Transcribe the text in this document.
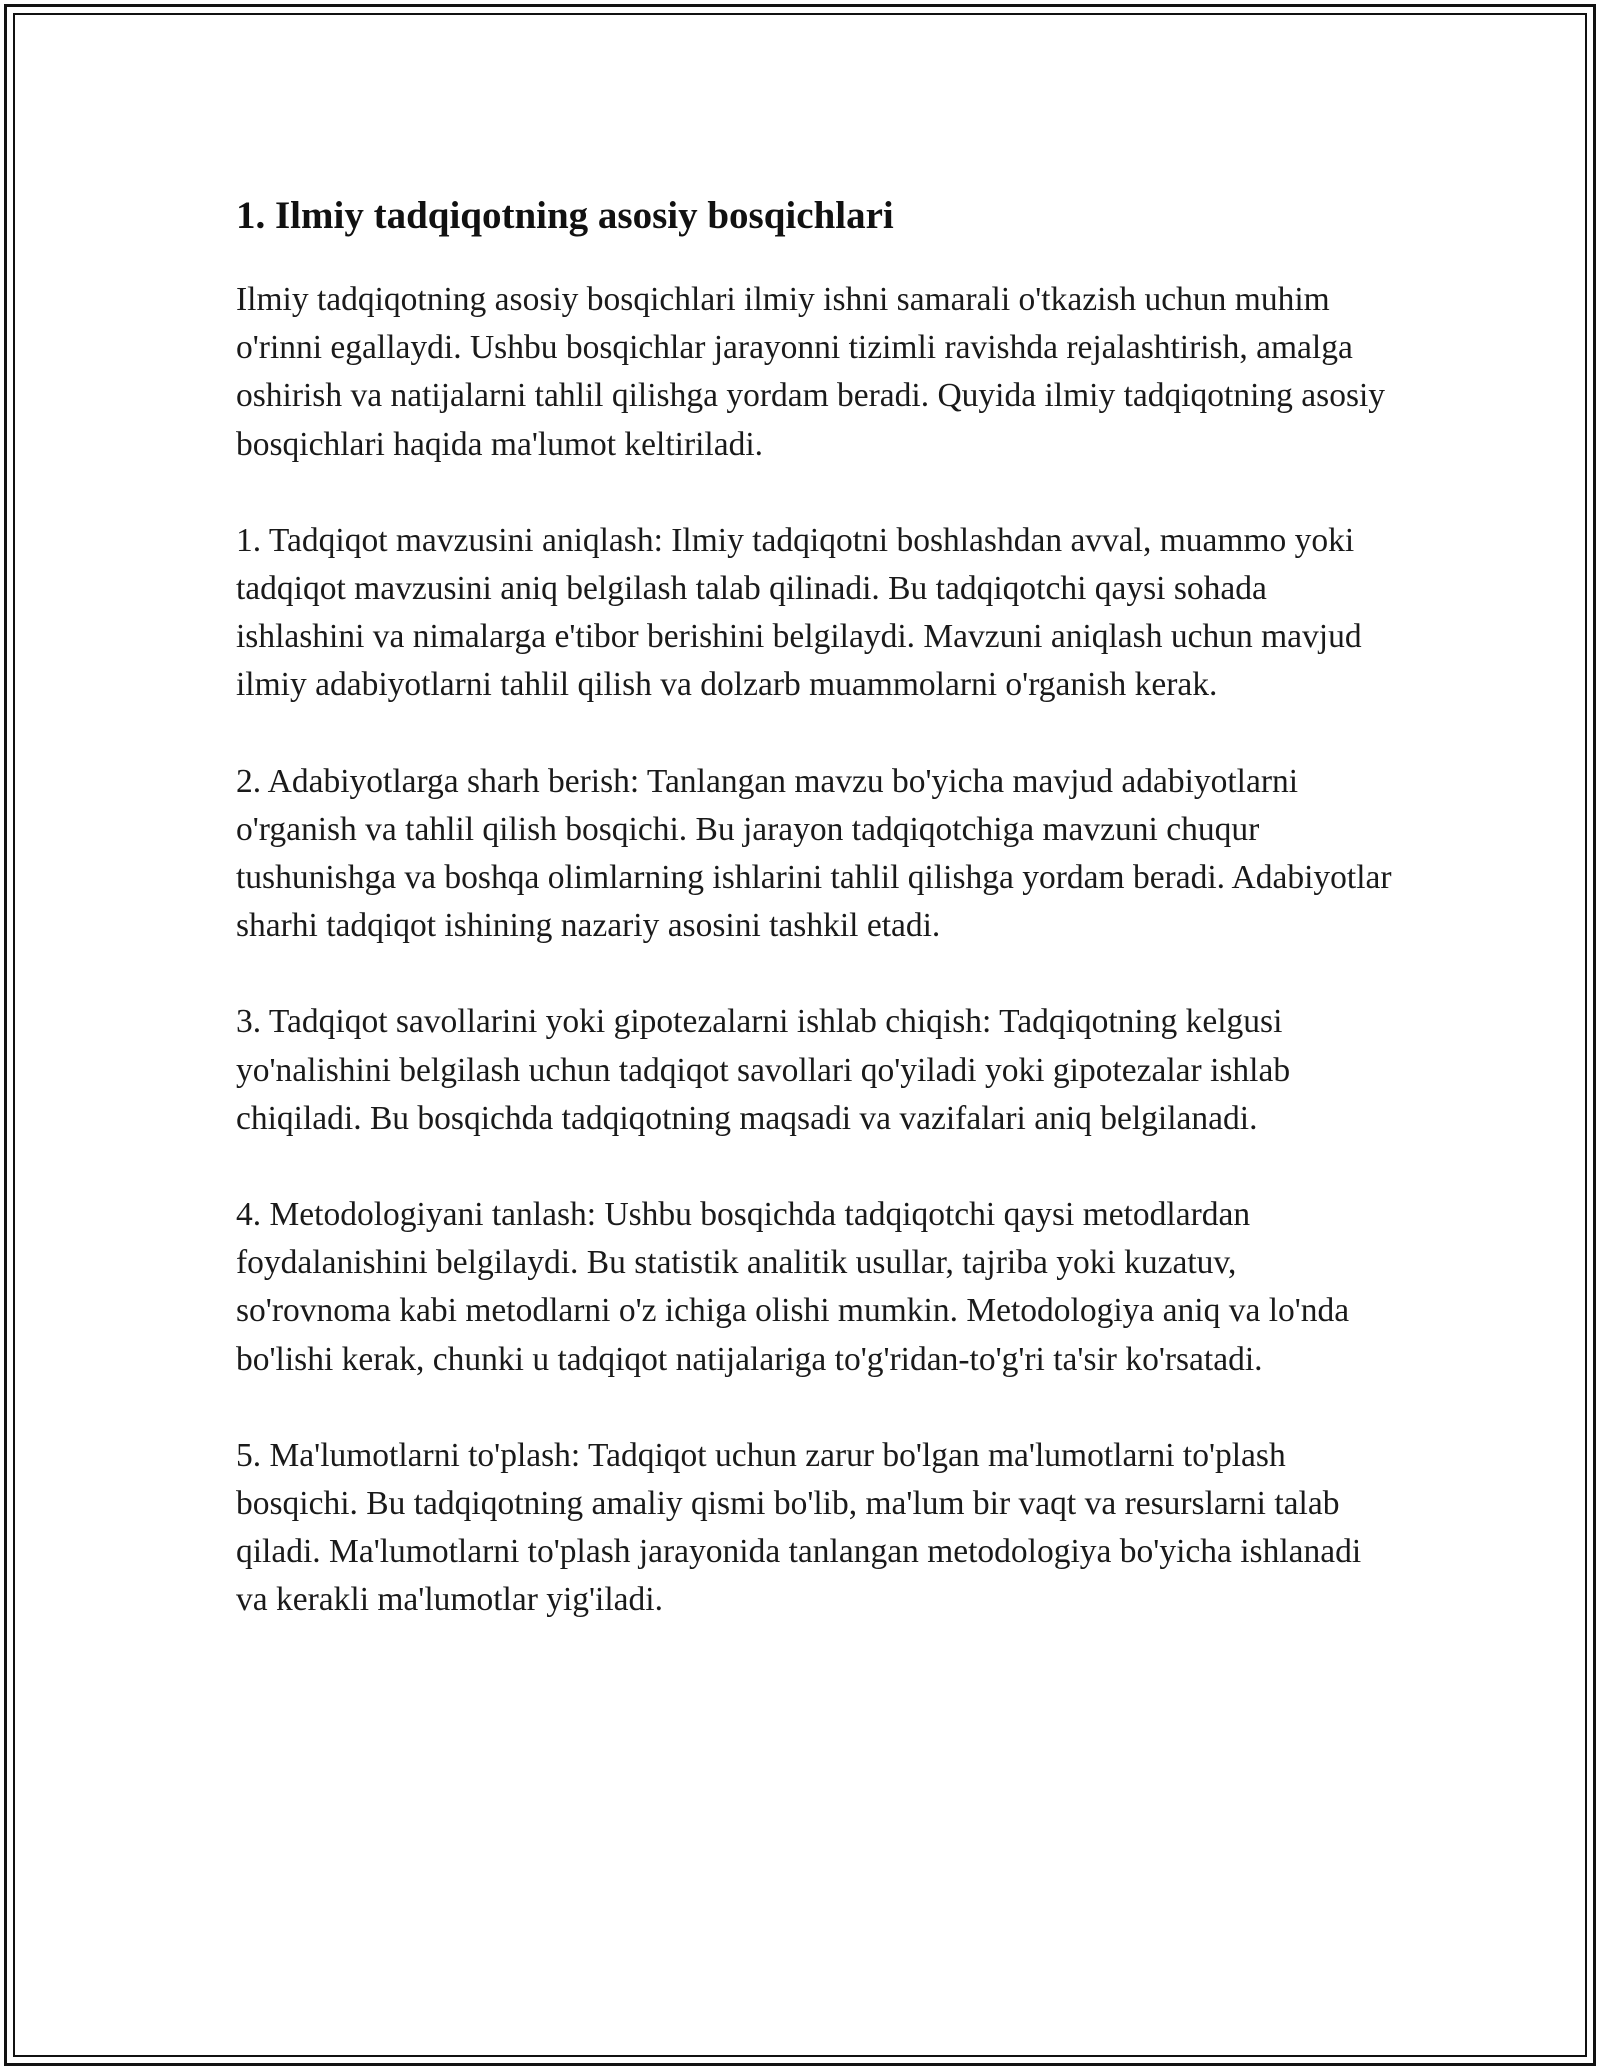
1. Ilmiy tadqiqotning asosiy bosqichlari

Ilmiy tadqiqotning asosiy bosqichlari ilmiy ishni samarali o'tkazish uchun muhim o'rinni egallaydi. Ushbu bosqichlar jarayonni tizimli ravishda rejalashtirish, amalga oshirish va natijalarni tahlil qilishga yordam beradi. Quyida ilmiy tadqiqotning asosiy bosqichlari haqida ma'lumot keltiriladi.

1. Tadqiqot mavzusini aniqlash: Ilmiy tadqiqotni boshlashdan avval, muammo yoki tadqiqot mavzusini aniq belgilash talab qilinadi. Bu tadqiqotchi qaysi sohada ishlashini va nimalarga e'tibor berishini belgilaydi. Mavzuni aniqlash uchun mavjud ilmiy adabiyotlarni tahlil qilish va dolzarb muammolarni o'rganish kerak.

2. Adabiyotlarga sharh berish: Tanlangan mavzu bo'yicha mavjud adabiyotlarni o'rganish va tahlil qilish bosqichi. Bu jarayon tadqiqotchiga mavzuni chuqur tushunishga va boshqa olimlarning ishlarini tahlil qilishga yordam beradi. Adabiyotlar sharhi tadqiqot ishining nazariy asosini tashkil etadi.

3. Tadqiqot savollarini yoki gipotezalarni ishlab chiqish: Tadqiqotning kelgusi yo'nalishini belgilash uchun tadqiqot savollari qo'yiladi yoki gipotezalar ishlab chiqiladi. Bu bosqichda tadqiqotning maqsadi va vazifalari aniq belgilanadi.

4. Metodologiyani tanlash: Ushbu bosqichda tadqiqotchi qaysi metodlardan foydalanishini belgilaydi. Bu statistik analitik usullar, tajriba yoki kuzatuv, so'rovnoma kabi metodlarni o'z ichiga olishi mumkin. Metodologiya aniq va lo'nda bo'lishi kerak, chunki u tadqiqot natijalariga to'g'ridan-to'g'ri ta'sir ko'rsatadi.

5. Ma'lumotlarni to'plash: Tadqiqot uchun zarur bo'lgan ma'lumotlarni to'plash bosqichi. Bu tadqiqotning amaliy qismi bo'lib, ma'lum bir vaqt va resurslarni talab qiladi. Ma'lumotlarni to'plash jarayonida tanlangan metodologiya bo'yicha ishlanadi va kerakli ma'lumotlar yig'iladi.
